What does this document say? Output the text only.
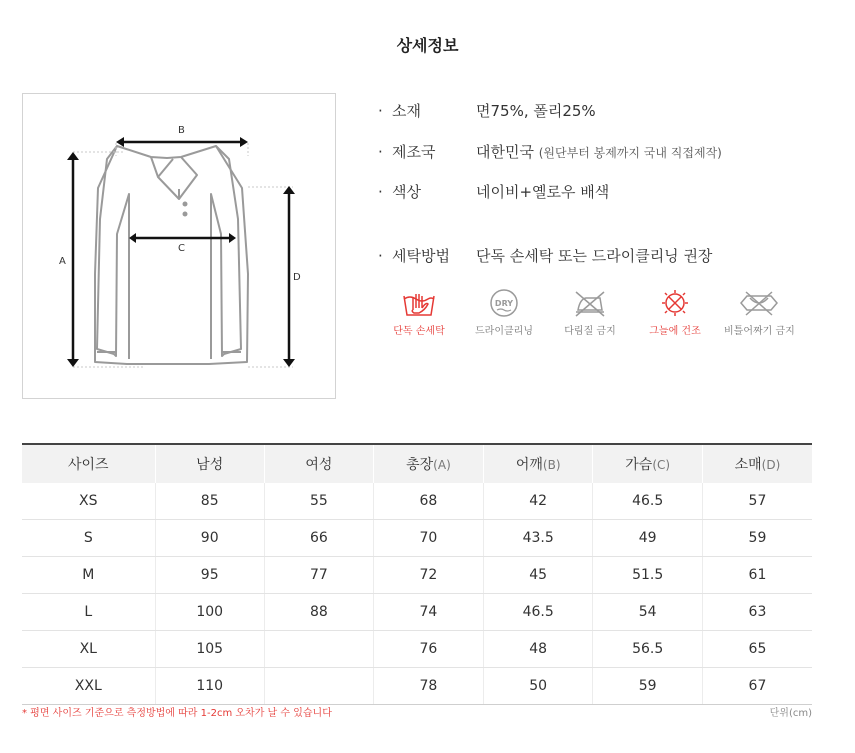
상세정보
A
B
C
D
· 소재	면75%, 폴리25%
· 제조국	대한민국 (원단부터 봉제까지 국내 직접제작)
· 색상	네이비+옐로우 배색
· 세탁방법 단독 손세탁 또는 드라이클리닝 권장
단독 손세탁
DRY
드라이클리닝	다림질 금지	그늘에 건조	비틀어짜기 금지
사이즈	남성	여성	총장(A)	어깨(B)	가슴(C)	소매(D)
XS	85	55	68	42	46.5	57
S	90	66	70	43.5	49	59
M	95	77	72	45	51.5	61
L	100	88	74	46.5	54	63
XL	105		76	48	56.5	65
XXL	110		78	50	59	67
* 평면 사이즈 기준으로 측정방법에 따라 1-2cm 오차가 날 수 있습니다	단위(cm)
